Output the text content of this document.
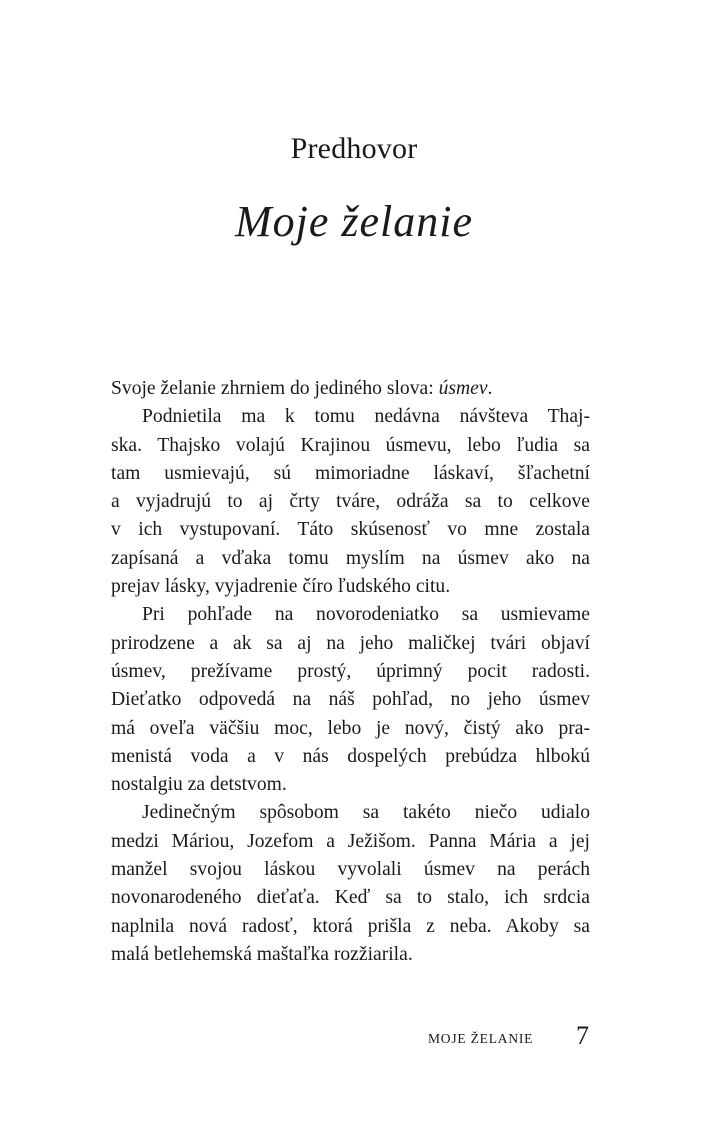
Predhovor
Moje želanie

Svoje želanie zhrniem do jediného slova: úsmev.

Podnietila ma k tomu nedávna návšteva Thaj-
ska. Thajsko volajú Krajinou úsmevu, lebo ľudia sa
tam usmievajú, sú mimoriadne láskaví, šľachetní
a vyjadrujú to aj črty tváre, odráža sa to celkove
v ich vystupovaní. Táto skúsenosť vo mne zostala
zapísaná a vďaka tomu myslím na úsmev ako na
prejav lásky, vyjadrenie číro ľudského citu.

Pri pohľade na novorodeniatko sa usmievame
prirodzene a ak sa aj na jeho maličkej tvári objaví
úsmev, prežívame prostý, úprimný pocit radosti.
Dieťatko odpovedá na náš pohľad, no jeho úsmev
má oveľa väčšiu moc, lebo je nový, čistý ako pra-
menistá voda a v nás dospelých prebúdza hlbokú
nostalgiu za detstvom.

Jedinečným spôsobom sa takéto niečo udialo
medzi Máriou, Jozefom a Ježišom. Panna Mária a jej
manžel svojou láskou vyvolali úsmev na perách
novonarodeného dieťaťa. Keď sa to stalo, ich srdcia
naplnila nová radosť, ktorá prišla z neba. Akoby sa
malá betlehemská maštaľka rozžiarila.

MOJE ŽELANIE 7
